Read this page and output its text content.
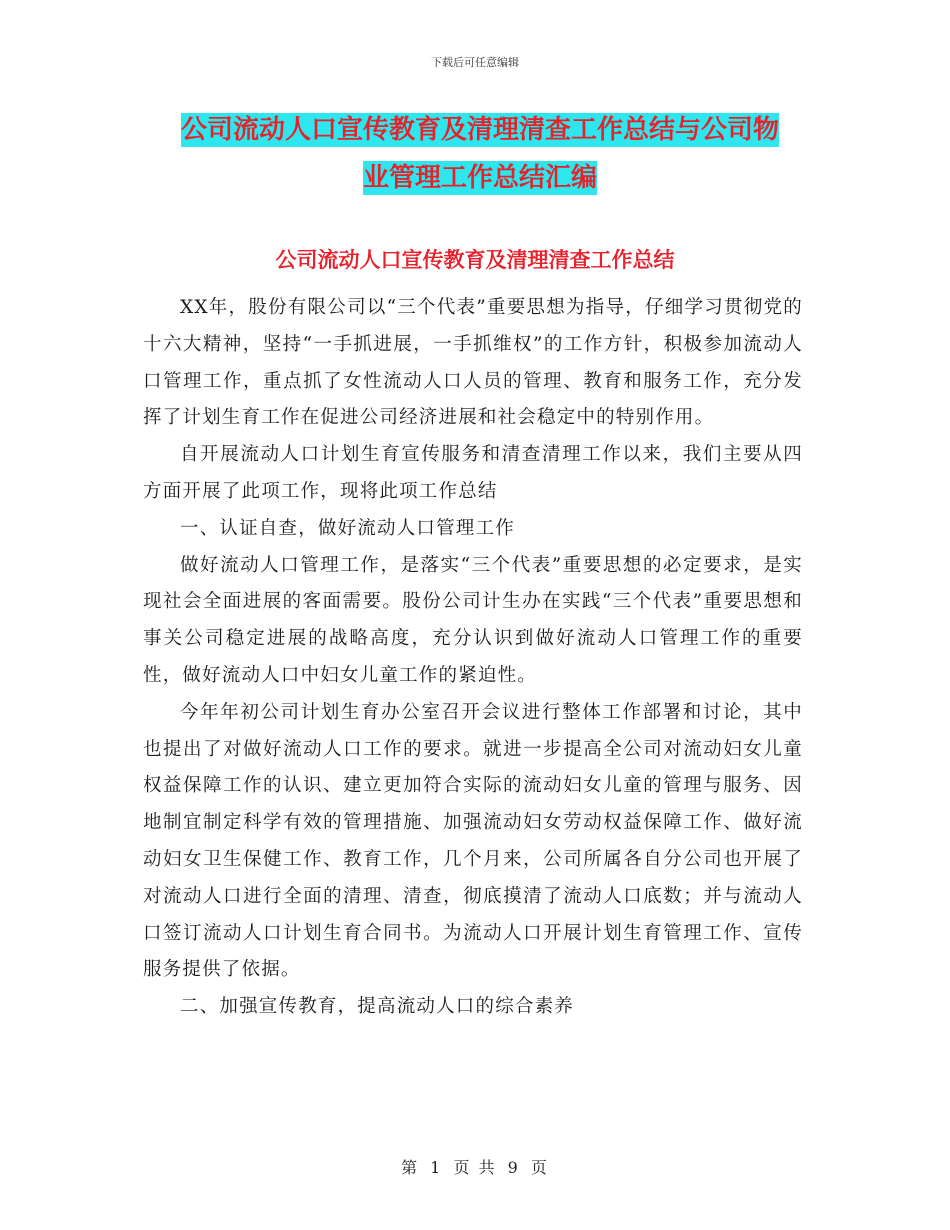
下载后可任意编辑
公司流动人口宣传教育及清理清查工作总结与公司物
业管理工作总结汇编
公司流动人口宣传教育及清理清查工作总结

XX年，股份有限公司以“三个代表”重要思想为指导，仔细学习贯彻党的十六大精神，坚持“一手抓进展，一手抓维权”的工作方针，积极参加流动人口管理工作，重点抓了女性流动人口人员的管理、教育和服务工作，充分发挥了计划生育工作在促进公司经济进展和社会稳定中的特别作用。

自开展流动人口计划生育宣传服务和清查清理工作以来，我们主要从四方面开展了此项工作，现将此项工作总结

一、认证自查，做好流动人口管理工作

做好流动人口管理工作，是落实“三个代表”重要思想的必定要求，是实现社会全面进展的客面需要。股份公司计生办在实践“三个代表”重要思想和事关公司稳定进展的战略高度，充分认识到做好流动人口管理工作的重要性，做好流动人口中妇女儿童工作的紧迫性。

今年年初公司计划生育办公室召开会议进行整体工作部署和讨论，其中也提出了对做好流动人口工作的要求。就进一步提高全公司对流动妇女儿童权益保障工作的认识、建立更加符合实际的流动妇女儿童的管理与服务、因地制宜制定科学有效的管理措施、加强流动妇女劳动权益保障工作、做好流动妇女卫生保健工作、教育工作，几个月来，公司所属各自分公司也开展了对流动人口进行全面的清理、清查，彻底摸清了流动人口底数；并与流动人口签订流动人口计划生育合同书。为流动人口开展计划生育管理工作、宣传服务提供了依据。

二、加强宣传教育，提高流动人口的综合素养

第 1 页 共 9 页
